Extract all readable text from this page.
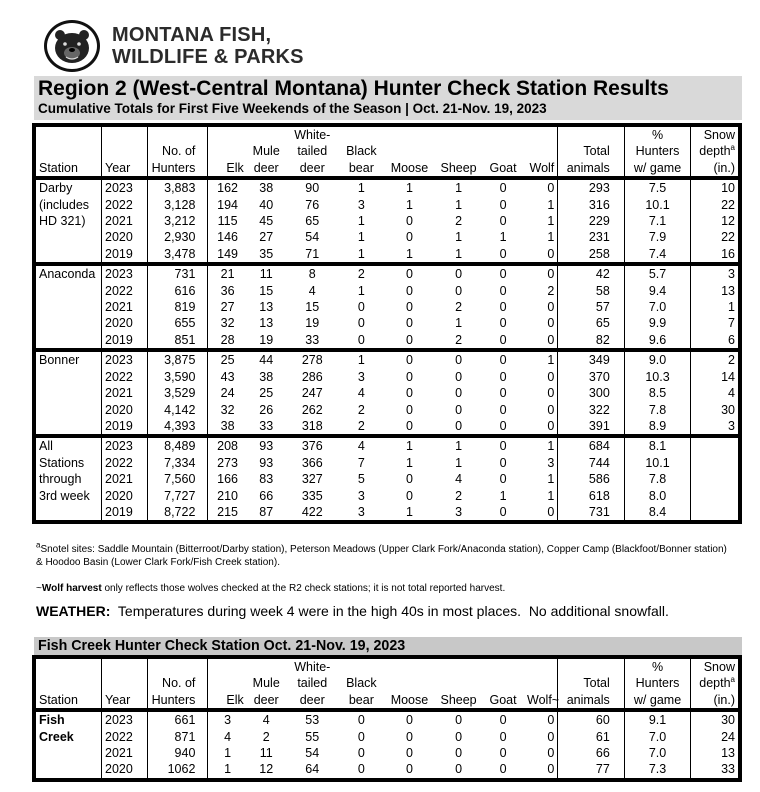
MONTANA FISH,
WILDLIFE & PARKS
Region 2 (West-Central Montana) Hunter Check Station Results
Cumulative Totals for First Five Weekends of the Season | Oct. 21-Nov. 19, 2023
					White-							%	Snow
		No. of		Mule	tailed	Black					Total	Hunters	depth$^a$
Station	Year	Hunters	Elk	deer	deer	bear	Moose	Sheep	Goat	Wolf	animals	w/ game	(in.)
Darby	2023	3,883	162	38	90	1	1	1	0	0	293	7.5	10
(includes	2022	3,128	194	40	76	3	1	1	0	1	316	10.1	22
HD 321)	2021	3,212	115	45	65	1	0	2	0	1	229	7.1	12
	2020	2,930	146	27	54	1	0	1	1	1	231	7.9	22
	2019	3,478	149	35	71	1	1	1	0	0	258	7.4	16
Anaconda	2023	731	21	11	8	2	0	0	0	0	42	5.7	3
	2022	616	36	15	4	1	0	0	0	2	58	9.4	13
	2021	819	27	13	15	0	0	2	0	0	57	7.0	1
	2020	655	32	13	19	0	0	1	0	0	65	9.9	7
	2019	851	28	19	33	0	0	2	0	0	82	9.6	6
Bonner	2023	3,875	25	44	278	1	0	0	0	1	349	9.0	2
	2022	3,590	43	38	286	3	0	0	0	0	370	10.3	14
	2021	3,529	24	25	247	4	0	0	0	0	300	8.5	4
	2020	4,142	32	26	262	2	0	0	0	0	322	7.8	30
	2019	4,393	38	33	318	2	0	0	0	0	391	8.9	3
All	2023	8,489	208	93	376	4	1	1	0	1	684	8.1	
Stations	2022	7,334	273	93	366	7	1	1	0	3	744	10.1	
through	2021	7,560	166	83	327	5	0	4	0	1	586	7.8	
3rd week	2020	7,727	210	66	335	3	0	2	1	1	618	8.0	
	2019	8,722	215	87	422	3	1	3	0	0	731	8.4	
$^a$Snotel sites: Saddle Mountain (Bitterroot/Darby station), Peterson Meadows (Upper Clark Fork/Anaconda station), Copper Camp (Blackfoot/Bonner station) & Hoodoo Basin (Lower Clark Fork/Fish Creek station).
~Wolf harvest only reflects those wolves checked at the R2 check stations; it is not total reported harvest.
WEATHER:  Temperatures during week 4 were in the high 40s in most places.  No additional snowfall.
Fish Creek Hunter Check Station Oct. 21-Nov. 19, 2023
					White-							%	Snow
		No. of		Mule	tailed	Black					Total	Hunters	depth$^a$
Station	Year	Hunters	Elk	deer	deer	bear	Moose	Sheep	Goat	Wolf~	animals	w/ game	(in.)
Fish	2023	661	3	4	53	0	0	0	0	0	60	9.1	30
Creek	2022	871	4	2	55	0	0	0	0	0	61	7.0	24
	2021	940	1	11	54	0	0	0	0	0	66	7.0	13
	2020	1062	1	12	64	0	0	0	0	0	77	7.3	33
